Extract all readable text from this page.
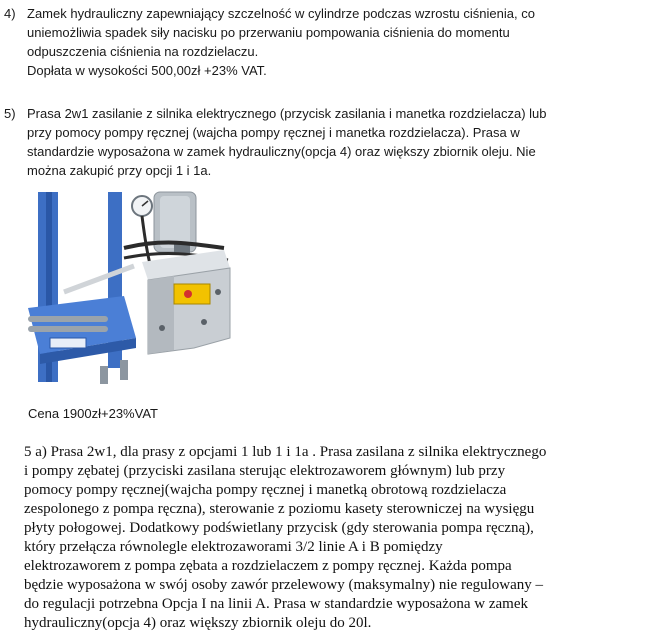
4) Zamek hydrauliczny zapewniający szczelność w cylindrze podczas wzrostu ciśnienia, co
uniemożliwia spadek siły nacisku po przerwaniu pompowania ciśnienia do momentu
odpuszczenia ciśnienia na rozdzielaczu.
Dopłata w wysokości 500,00zł +23% VAT.
5) Prasa 2w1 zasilanie z silnika elektrycznego (przycisk zasilania i manetka rozdzielacza) lub
przy pomocy pompy ręcznej (wajcha pompy ręcznej i manetka rozdzielacza). Prasa w
standardzie wyposażona w zamek hydrauliczny(opcja 4) oraz większy zbiornik oleju. Nie
można zakupić przy opcji 1 i 1a.
Cena 1900zł+23%VAT
5 a) Prasa 2w1, dla prasy z opcjami 1 lub 1 i 1a . Prasa zasilana z silnika elektrycznego
i pompy zębatej (przyciski zasilana sterując elektrozaworem głównym) lub przy
pomocy pompy ręcznej(wajcha pompy ręcznej i manetką obrotową rozdzielacza
zespolonego z pompa ręczna), sterowanie z poziomu kasety sterowniczej na wysięgu
płyty połogowej. Dodatkowy podświetlany przycisk (gdy sterowania pompa ręczną),
który przełącza równolegle elektrozaworami 3/2 linie A i B pomiędzy
elektrozaworem z pompa zębata a rozdzielaczem z pompy ręcznej. Każda pompa
będzie wyposażona w swój osoby zawór przelewowy (maksymalny) nie regulowany –
do regulacji potrzebna Opcja I na linii A. Prasa w standardzie wyposażona w zamek
hydrauliczny(opcja 4) oraz większy zbiornik oleju do 20l.
